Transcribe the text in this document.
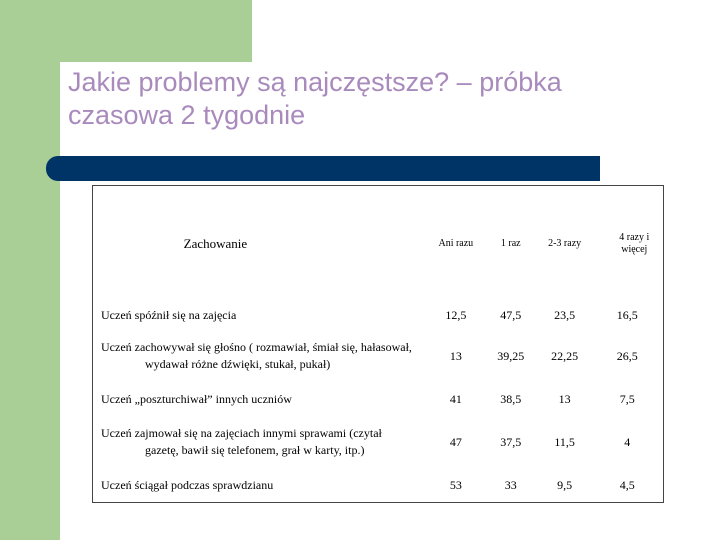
Jakie problemy są najczęstsze? – próbka
czasowa 2 tygodnie
Zachowanie	Ani razu	1 raz	2-3 razy	4 razy i więcej
Uczeń spóźnił się na zajęcia	12,5	47,5	23,5	16,5
Uczeń zachowywał się głośno ( rozmawiał, śmiał się, hałasował,
wydawał różne dźwięki, stukał, pukał)	13	39,25	22,25	26,5
Uczeń „poszturchiwał” innych uczniów	41	38,5	13	7,5
Uczeń zajmował się na zajęciach innymi sprawami (czytał
gazetę, bawił się telefonem, grał w karty, itp.)	47	37,5	11,5	4
Uczeń ściągał podczas sprawdzianu	53	33	9,5	4,5
